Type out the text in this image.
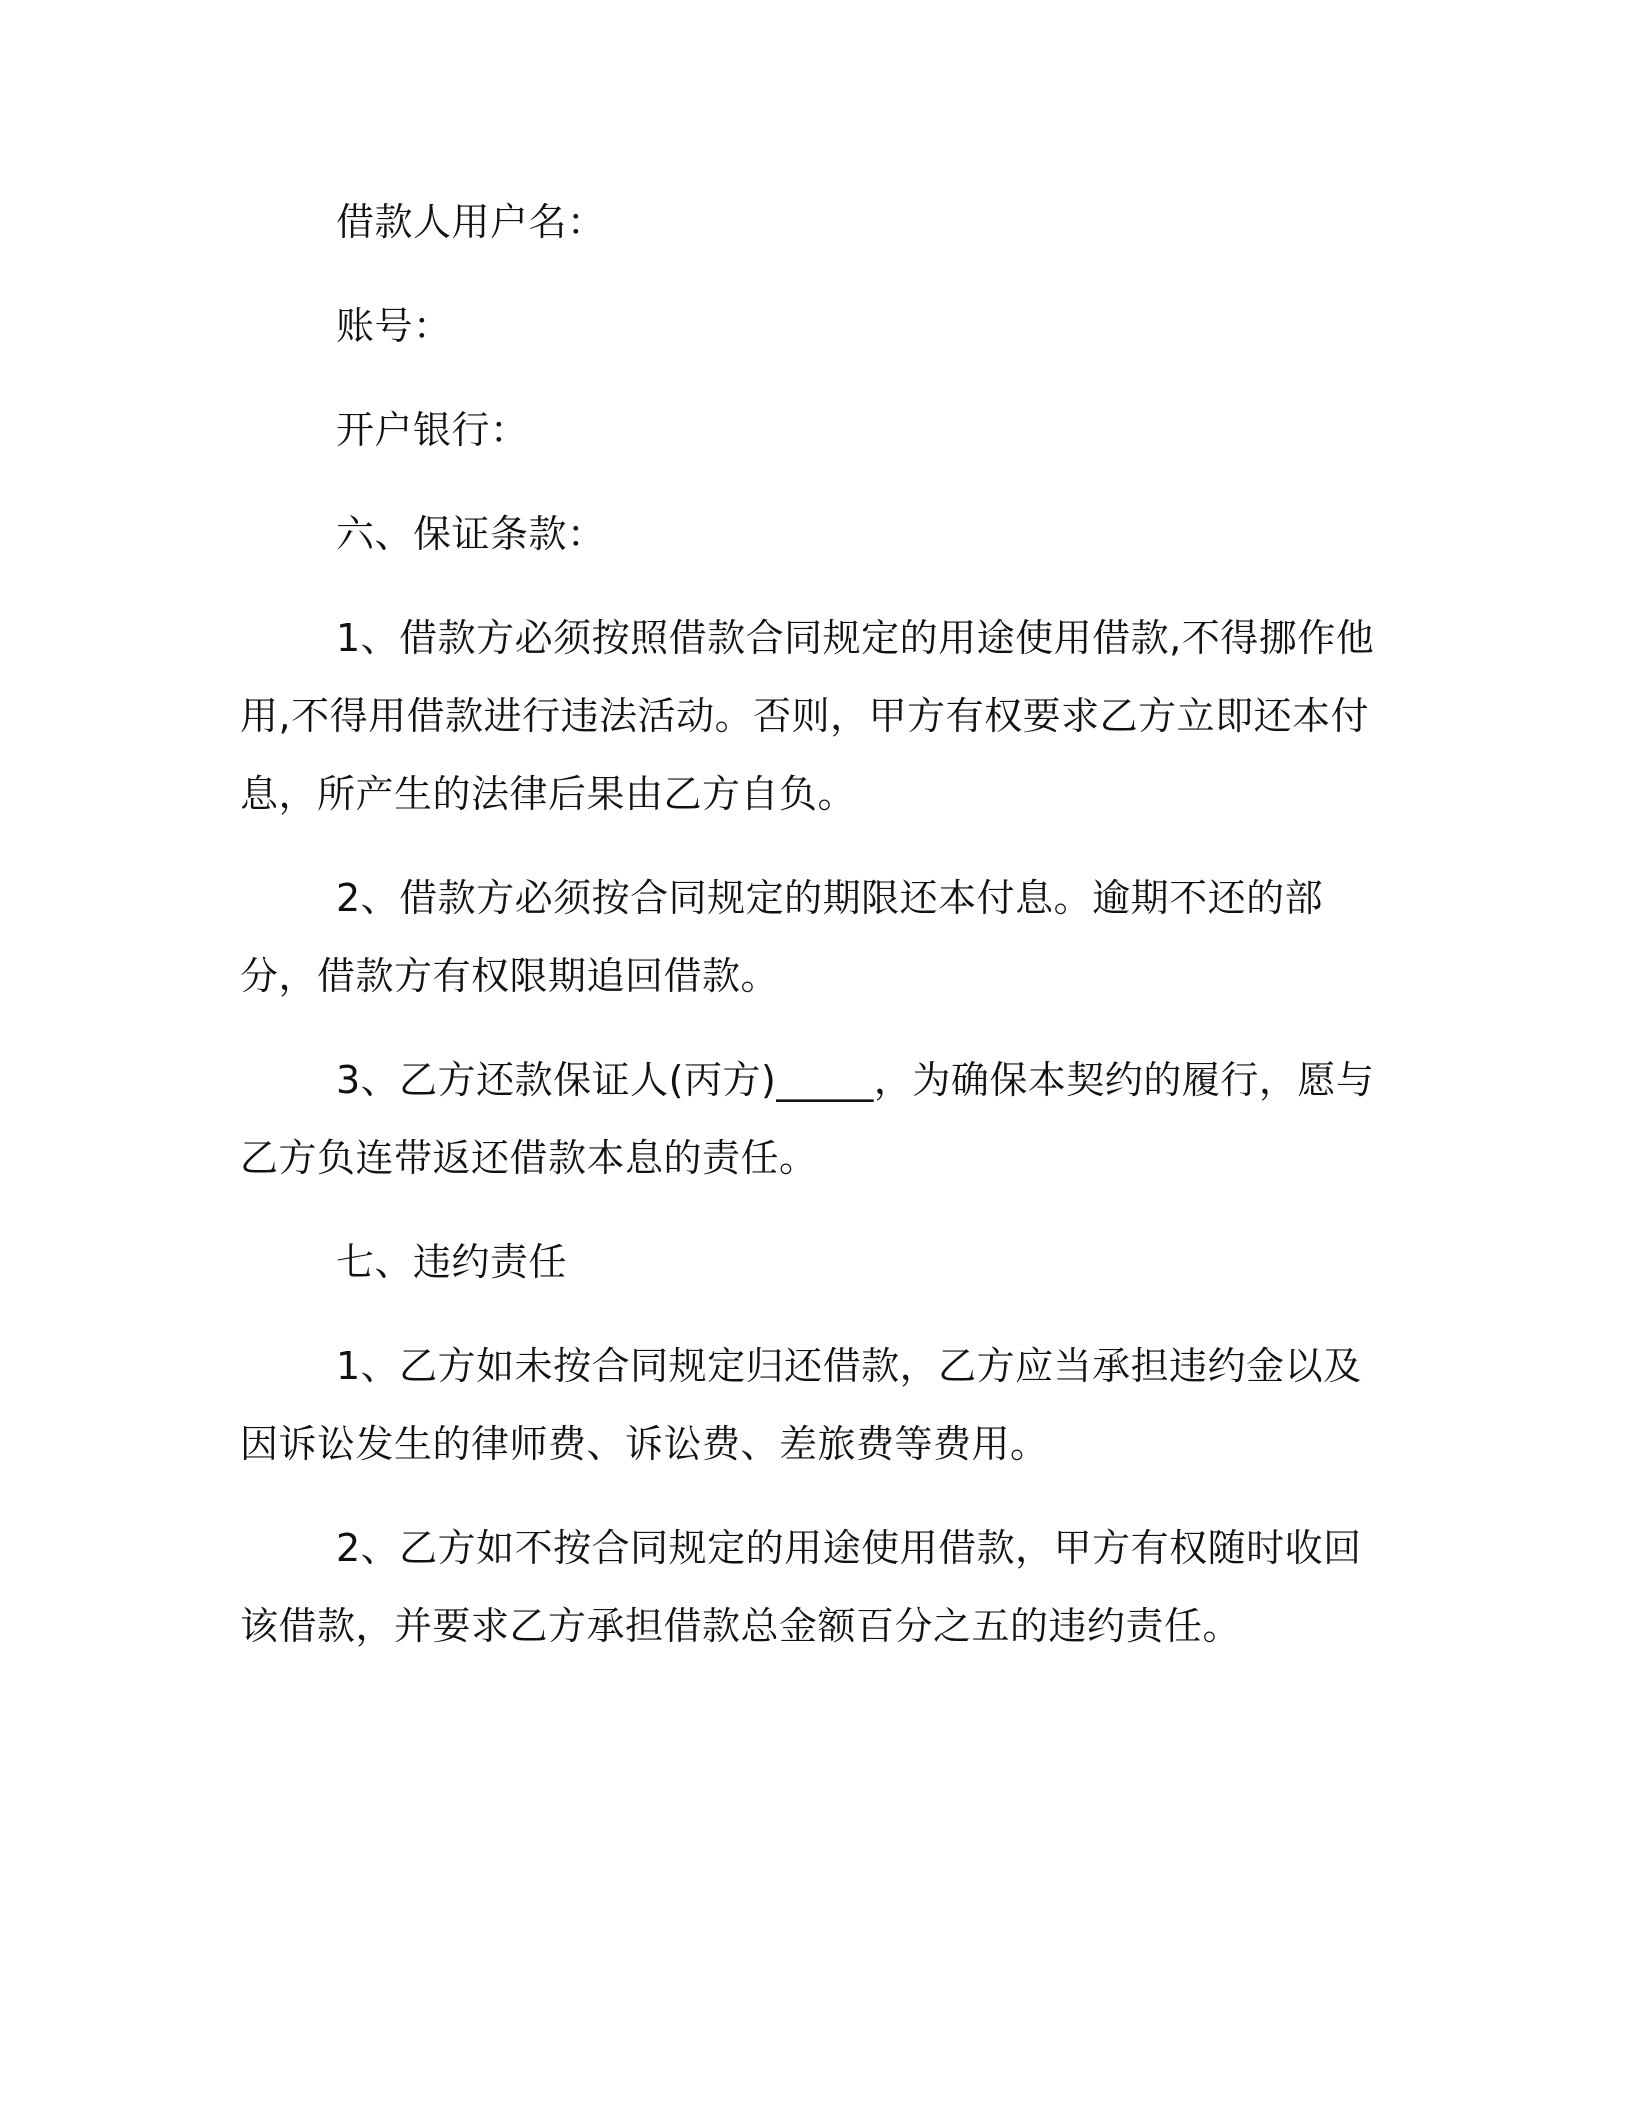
借款人用户名：

账号：

开户银行：

六、保证条款：

1、借款方必须按照借款合同规定的用途使用借款,不得挪作他用,不得用借款进行违法活动。否则，甲方有权要求乙方立即还本付息，所产生的法律后果由乙方自负。

2、借款方必须按合同规定的期限还本付息。逾期不还的部分，借款方有权限期追回借款。

3、乙方还款保证人(丙方)_____，为确保本契约的履行，愿与乙方负连带返还借款本息的责任。

七、违约责任

1、乙方如未按合同规定归还借款，乙方应当承担违约金以及因诉讼发生的律师费、诉讼费、差旅费等费用。

2、乙方如不按合同规定的用途使用借款，甲方有权随时收回该借款，并要求乙方承担借款总金额百分之五的违约责任。
